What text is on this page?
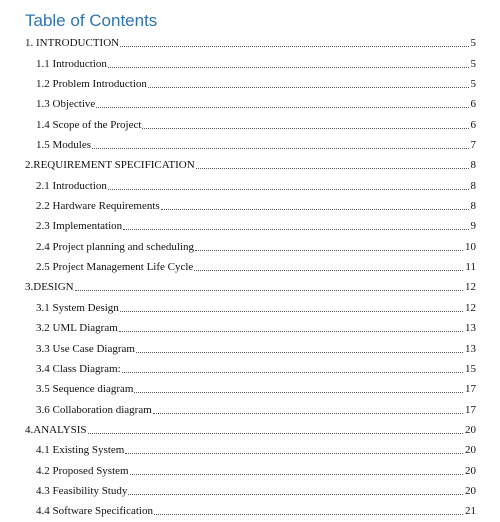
Table of Contents
1. INTRODUCTION	5
1.1 Introduction	5
1.2 Problem Introduction	5
1.3 Objective	6
1.4 Scope of the Project	6
1.5 Modules	7
2.REQUIREMENT SPECIFICATION	8
2.1 Introduction	8
2.2 Hardware Requirements	8
2.3 Implementation	9
2.4 Project planning and scheduling	10
2.5 Project Management Life Cycle	11
3.DESIGN	12
3.1 System Design	12
3.2 UML Diagram	13
3.3 Use Case Diagram	13
3.4 Class Diagram:	15
3.5 Sequence diagram	17
3.6 Collaboration diagram	17
4.ANALYSIS	20
4.1 Existing System	20
4.2 Proposed System	20
4.3 Feasibility Study	20
4.4 Software Specification	21
